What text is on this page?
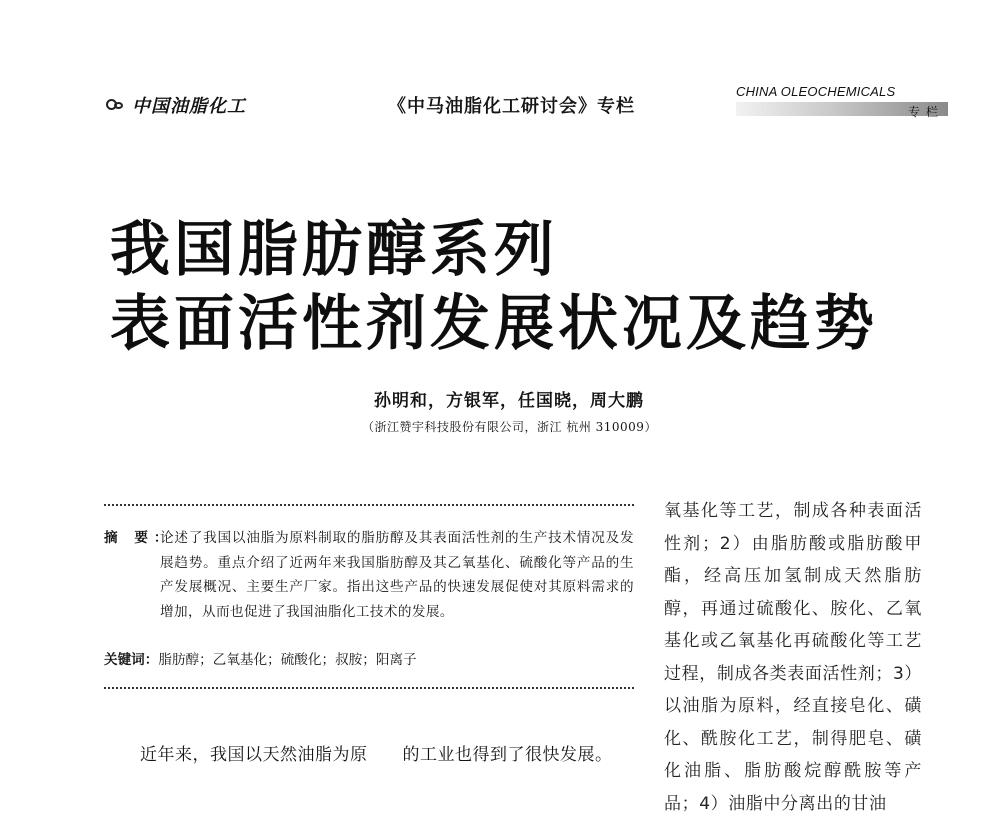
中国油脂化工	《中马油脂化工研讨会》专栏
CHINA OLEOCHEMICALS
专栏
我国脂肪醇系列
表面活性剂发展状况及趋势
孙明和，方银军，任国晓，周大鹏
（浙江赞宇科技股份有限公司，浙江 杭州 310009）
摘 要：
论述了我国以油脂为原料制取的脂肪醇及其表面活性剂的生产技术情况及发展趋势。重点介绍了近两年来我国脂肪醇及其乙氧基化、硫酸化等产品的生产发展概况、主要生产厂家。指出这些产品的快速发展促使对其原料需求的增加，从而也促进了我国油脂化工技术的发展。
关键词：脂肪醇；乙氧基化；硫酸化；叔胺；阳离子
近年来，我国以天然油脂为原　　的工业也得到了很快发展。

氧基化等工艺，制成各种表面活性剂；2）由脂肪酸或脂肪酸甲酯，经高压加氢制成天然脂肪醇，再通过硫酸化、胺化、乙氧基化或乙氧基化再硫酸化等工艺过程，制成各类表面活性剂；3）以油脂为原料，经直接皂化、磺化、酰胺化工艺，制得肥皂、磺化油脂、脂肪酸烷醇酰胺等产品；4）油脂中分离出的甘油
